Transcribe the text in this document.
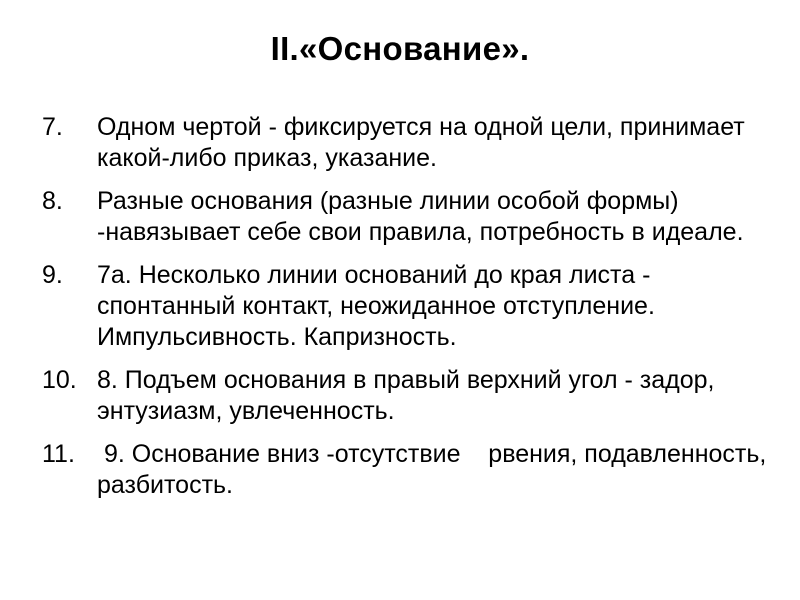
II.«Основание».
7.	Одном чертой - фиксируется на одной цели, принимает какой-либо приказ, указание.
8.	Разные основания (разные линии особой формы) -навязывает себе свои правила, потребность в идеале.
9.	7а. Несколько линии оснований до края листа - спонтанный контакт, неожиданное отступление. Импульсивность. Капризность.
10. 8. Подъем основания в правый верхний угол - задор, энтузиазм, увлеченность.
11. 9. Основание вниз -отсутствие    рвения, подавленность, разбитость.
